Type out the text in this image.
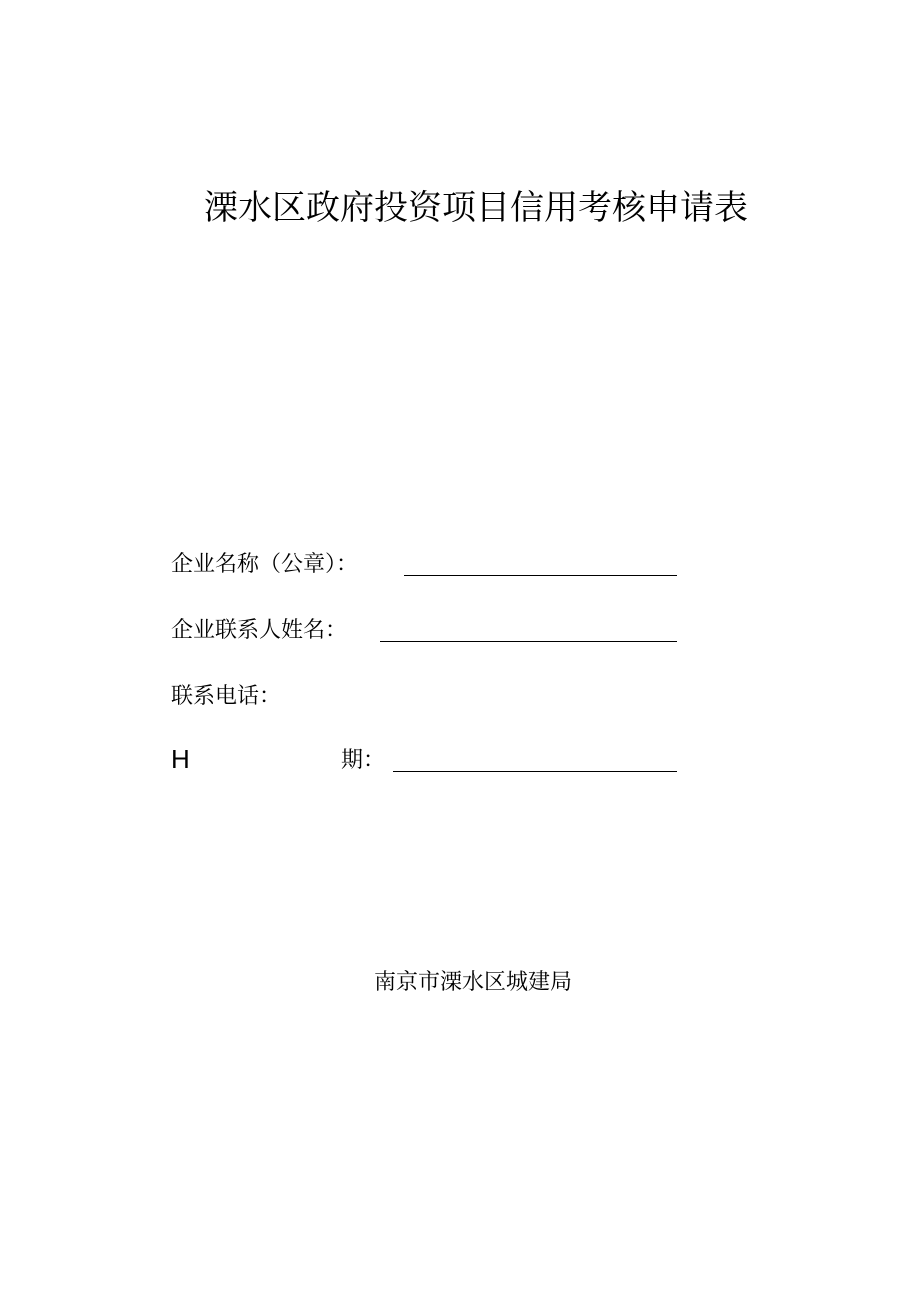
溧水区政府投资项目信用考核申请表
企业名称（公章）：
企业联系人姓名：
联系电话：
H	期：
南京市溧水区城建局
